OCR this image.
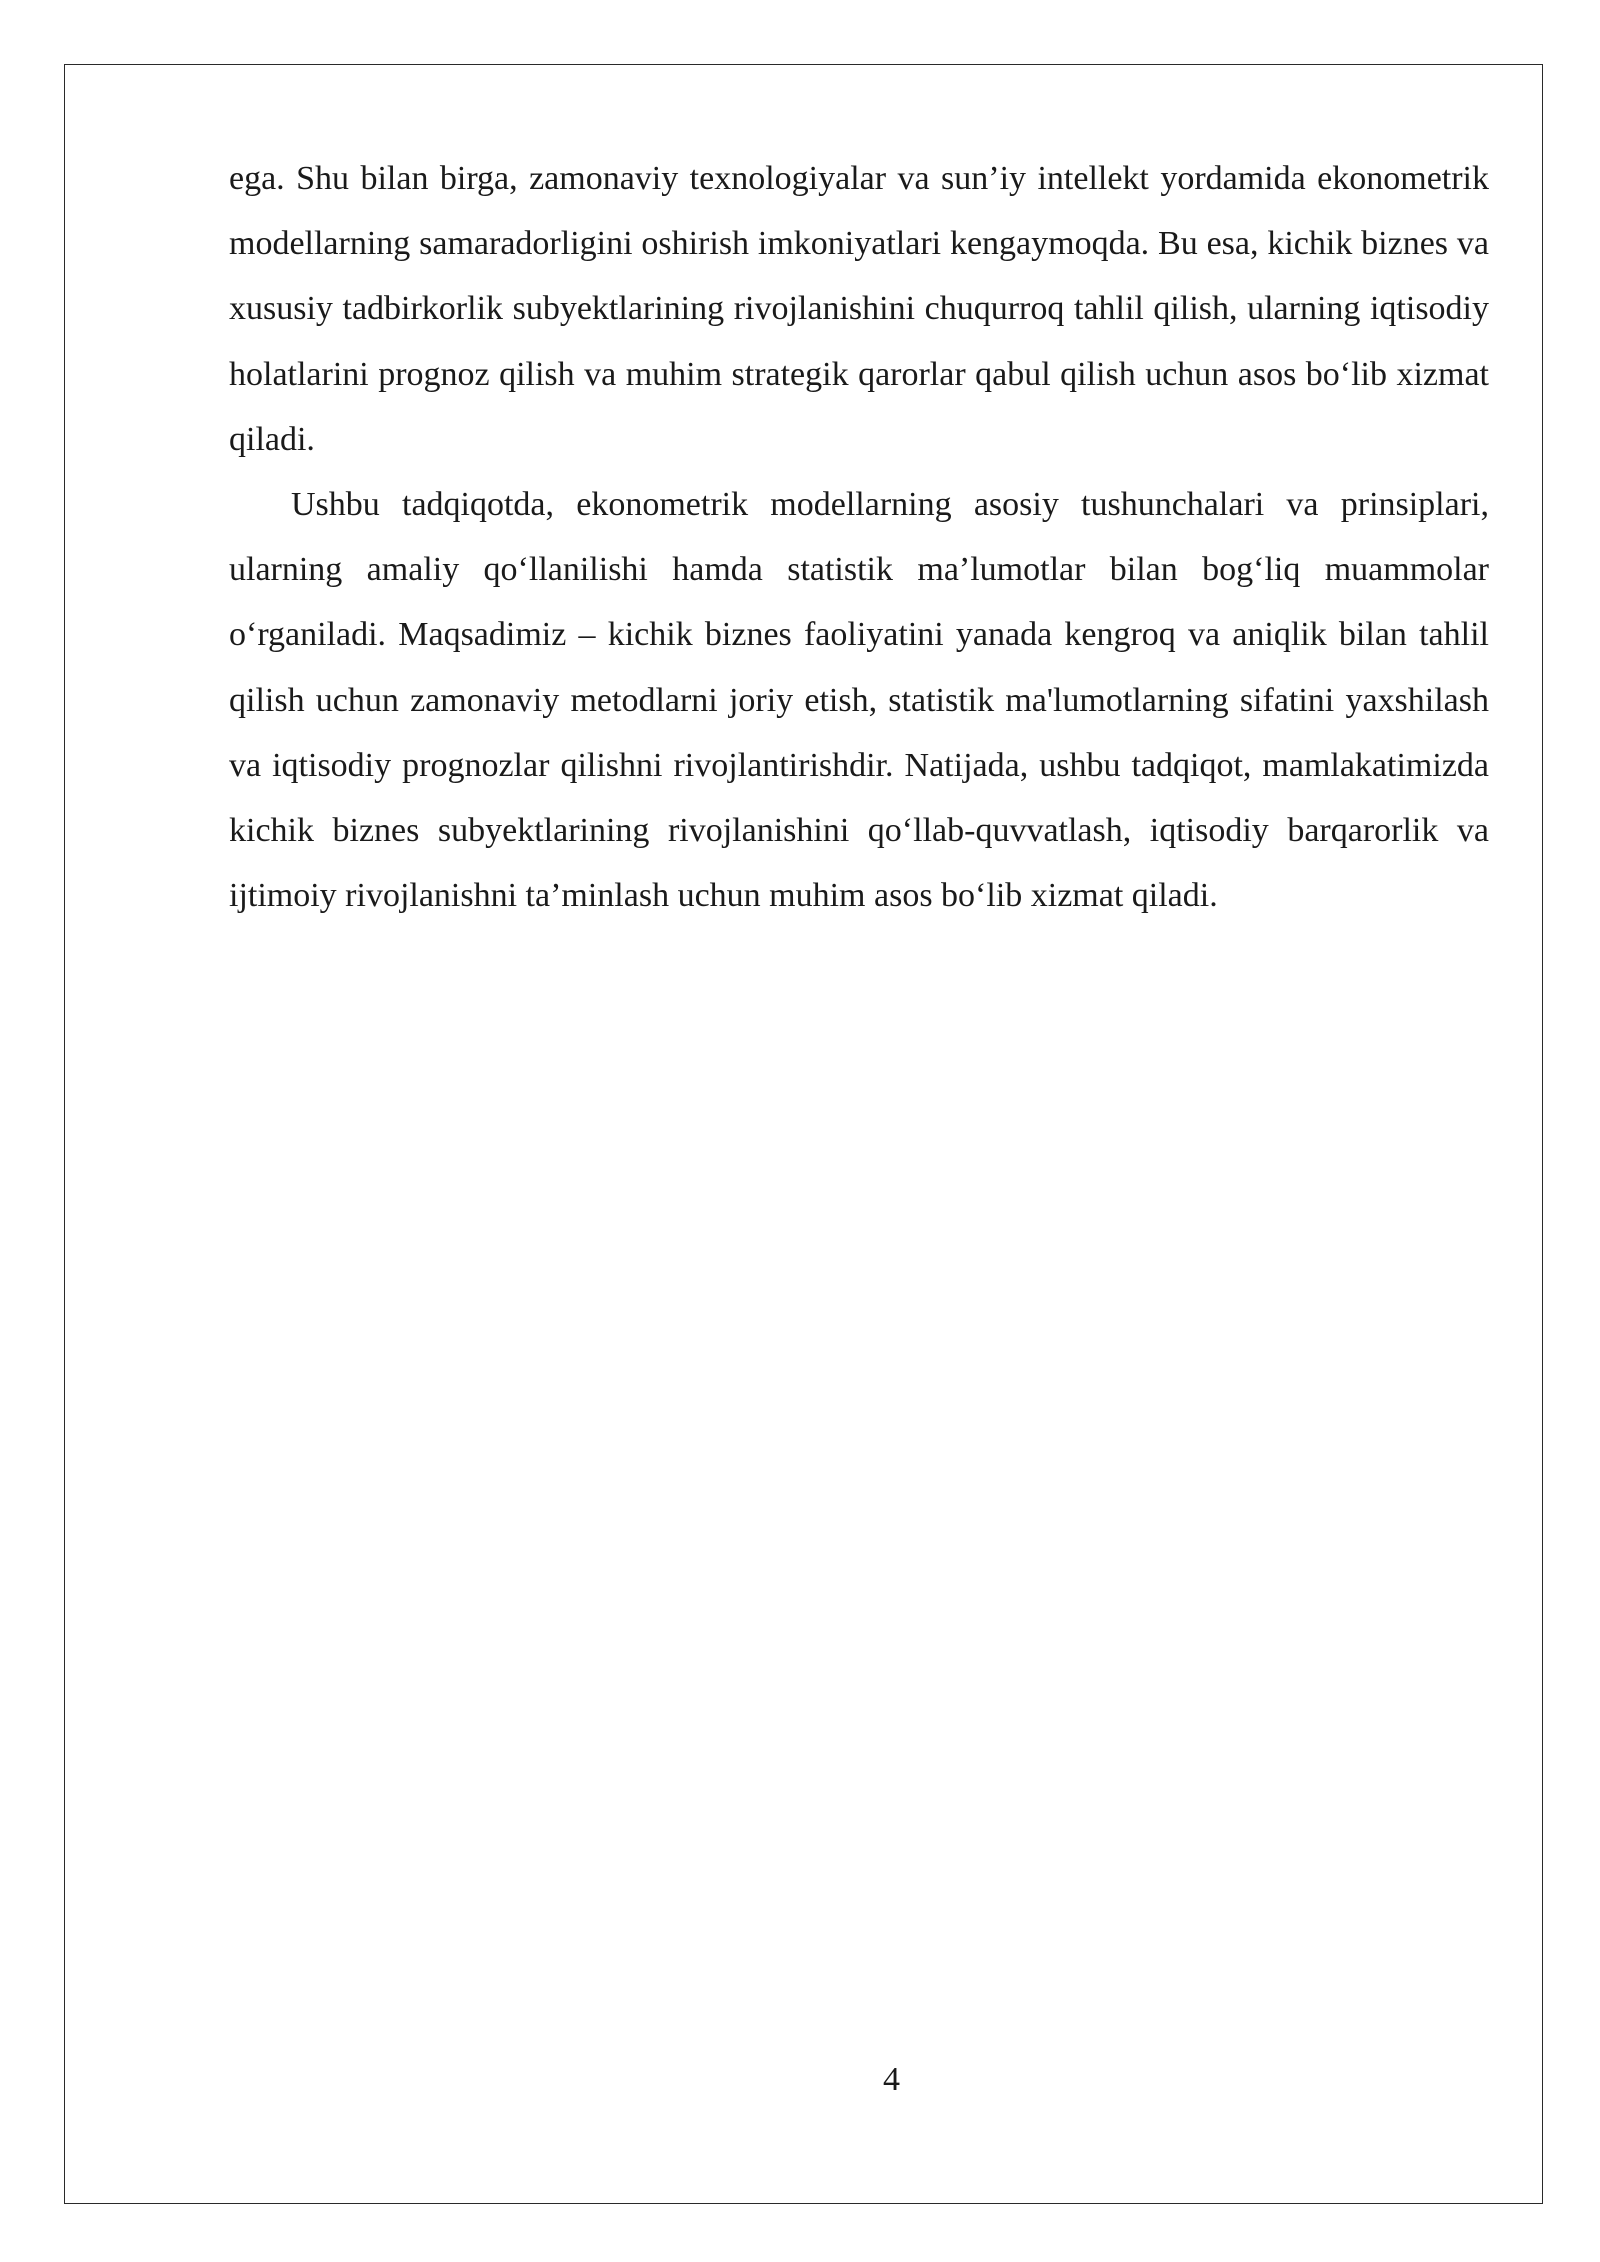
ega. Shu bilan birga, zamonaviy texnologiyalar va sun’iy intellekt yordamida ekonometrik modellarning samaradorligini oshirish imkoniyatlari kengaymoqda. Bu esa, kichik biznes va xususiy tadbirkorlik subyektlarining rivojlanishini chuqurroq tahlil qilish, ularning iqtisodiy holatlarini prognoz qilish va muhim strategik qarorlar qabul qilish uchun asos bo‘lib xizmat qiladi.

Ushbu tadqiqotda, ekonometrik modellarning asosiy tushunchalari va prinsiplari, ularning amaliy qo‘llanilishi hamda statistik ma’lumotlar bilan bog‘liq muammolar o‘rganiladi. Maqsadimiz – kichik biznes faoliyatini yanada kengroq va aniqlik bilan tahlil qilish uchun zamonaviy metodlarni joriy etish, statistik ma'lumotlarning sifatini yaxshilash va iqtisodiy prognozlar qilishni rivojlantirishdir. Natijada, ushbu tadqiqot, mamlakatimizda kichik biznes subyektlarining rivojlanishini qo‘llab-quvvatlash, iqtisodiy barqarorlik va ijtimoiy rivojlanishni ta’minlash uchun muhim asos bo‘lib xizmat qiladi.

4
